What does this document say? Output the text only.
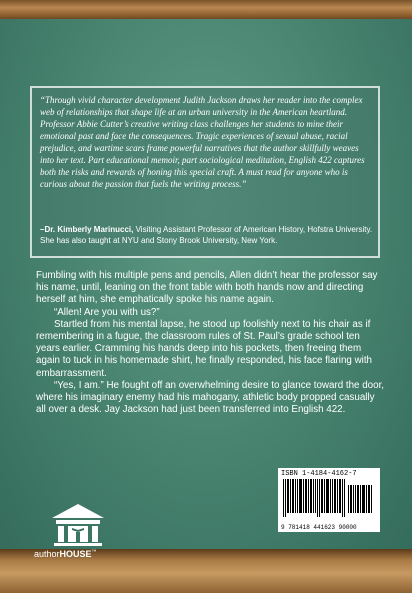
“Through vivid character development Judith Jackson draws her reader into the complex web of relationships that shape life at an urban university in the American heartland. Professor Abbie Cutter’s creative writing class challenges her students to mine their emotional past and face the consequences. Tragic experiences of sexual abuse, racial prejudice, and wartime scars frame powerful narratives that the author skillfully weaves into her text. Part educational memoir, part sociological meditation, English 422 captures both the risks and rewards of honing this special craft. A must read for anyone who is curious about the passion that fuels the writing process.”

–Dr. Kimberly Marinucci, Visiting Assistant Professor of American History, Hofstra University. She has also taught at NYU and Stony Brook University, New York.

Fumbling with his multiple pens and pencils, Allen didn’t hear the professor say his name, until, leaning on the front table with both hands now and directing herself at him, she emphatically spoke his name again.

“Allen! Are you with us?”

Startled from his mental lapse, he stood up foolishly next to his chair as if remembering in a fugue, the classroom rules of St. Paul’s grade school ten years earlier. Cramming his hands deep into his pockets, then freeing them again to tuck in his homemade shirt, he finally responded, his face flaring with embarrassment.

“Yes, I am.” He fought off an overwhelming desire to glance toward the door, where his imaginary enemy had his mahogany, athletic body propped casually all over a desk. Jay Jackson had just been transferred into English 422.

authorHOUSE™
ISBN 1-4184-4162-7
9 781418 441623 90000
